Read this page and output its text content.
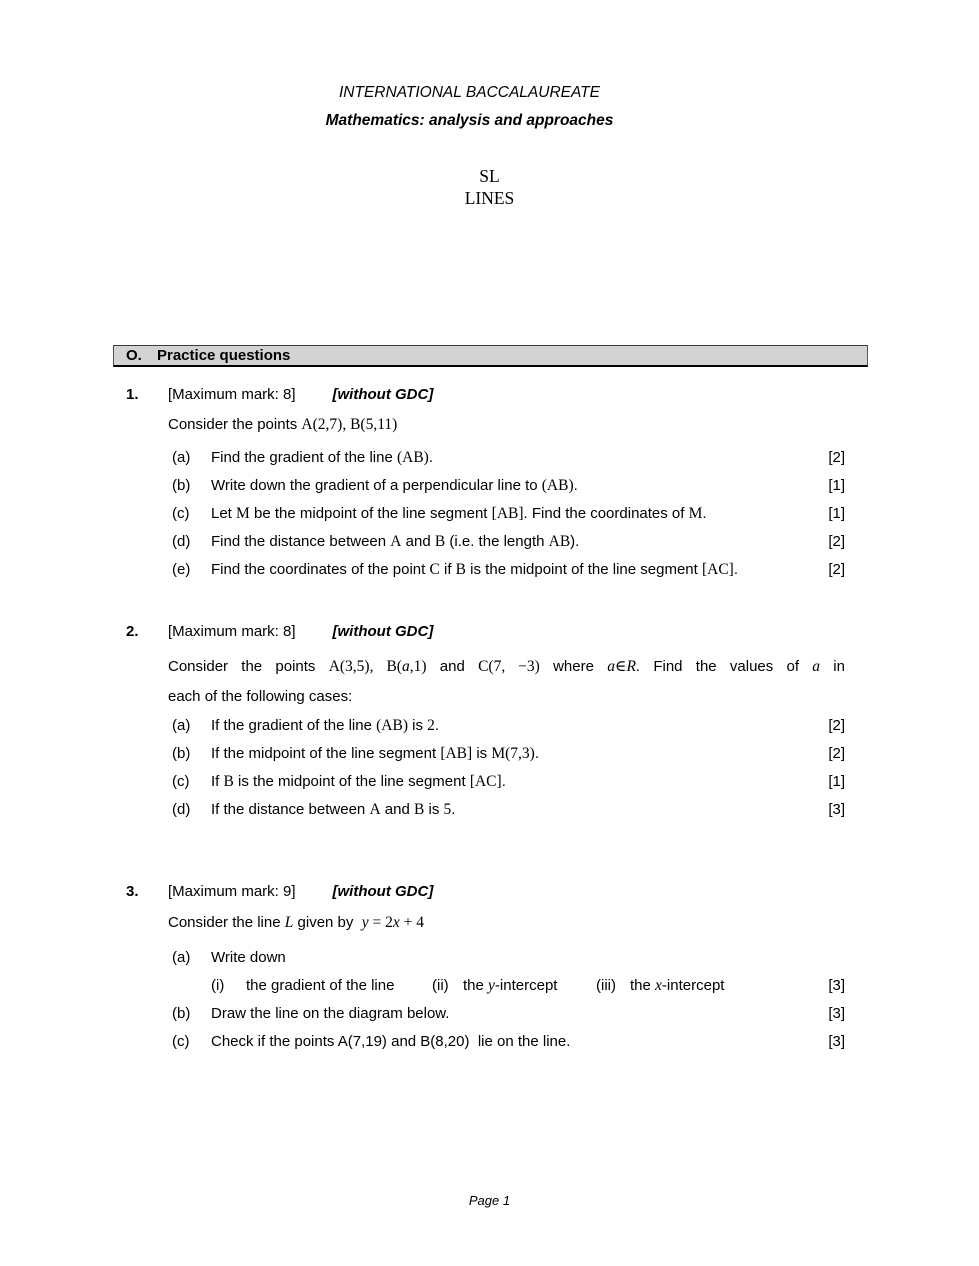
INTERNATIONAL BACCALAUREATE
Mathematics: analysis and approaches
SL
LINES
O.	Practice questions
1.	[Maximum mark: 8] [without GDC]
Consider the points A(2,7), B(5,11)
(a)	Find the gradient of the line (AB).	[2]
(b)	Write down the gradient of a perpendicular line to (AB).	[1]
(c)	Let M be the midpoint of the line segment [AB]. Find the coordinates of M.	[1]
(d)	Find the distance between A and B (i.e. the length AB).	[2]
(e)	Find the coordinates of the point C if B is the midpoint of the line segment [AC].	[2]
2.	[Maximum mark: 8] [without GDC]
Consider the points A(3,5), B(a,1) and C(7, −3) where a∈R. Find the values of a in
each of the following cases:
(a)	If the gradient of the line (AB) is 2.	[2]
(b)	If the midpoint of the line segment [AB] is M(7,3).	[2]
(c)	If B is the midpoint of the line segment [AC].	[1]
(d)	If the distance between A and B is 5.	[3]
3.	[Maximum mark: 9] [without GDC]
Consider the line L given by  y = 2x + 4
(a)	Write down
(i)	the gradient of the line	(ii) the y-intercept	(iii) the x-intercept	[3]
(b)	Draw the line on the diagram below.	[3]
(c)	Check if the points A(7,19) and B(8,20)  lie on the line.	[3]
Page 1
